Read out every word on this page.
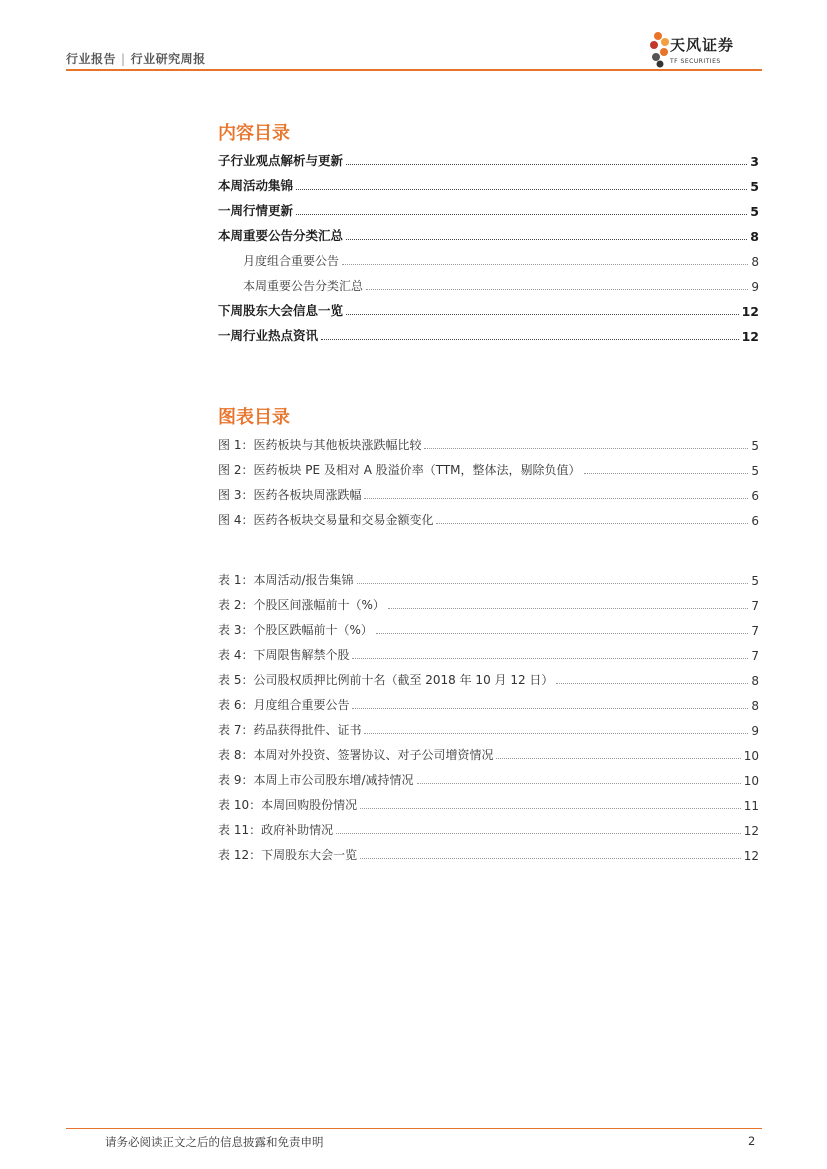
行业报告 | 行业研究周报
天风证券
TF SECURITIES
内容目录
子行业观点解析与更新	3
本周活动集锦	5
一周行情更新	5
本周重要公告分类汇总	8
月度组合重要公告	8
本周重要公告分类汇总	9
下周股东大会信息一览	12
一周行业热点资讯	12
图表目录
图 1：医药板块与其他板块涨跌幅比较	5
图 2：医药板块 PE 及相对 A 股溢价率（TTM，整体法，剔除负值）	5
图 3：医药各板块周涨跌幅	6
图 4：医药各板块交易量和交易金额变化	6
表 1：本周活动/报告集锦	5
表 2：个股区间涨幅前十（%）	7
表 3：个股区跌幅前十（%）	7
表 4：下周限售解禁个股	7
表 5：公司股权质押比例前十名（截至 2018 年 10 月 12 日）	8
表 6：月度组合重要公告	8
表 7：药品获得批件、证书	9
表 8：本周对外投资、签署协议、对子公司增资情况	10
表 9：本周上市公司股东增/减持情况	10
表 10：本周回购股份情况	11
表 11：政府补助情况	12
表 12：下周股东大会一览	12
请务必阅读正文之后的信息披露和免责申明	2
